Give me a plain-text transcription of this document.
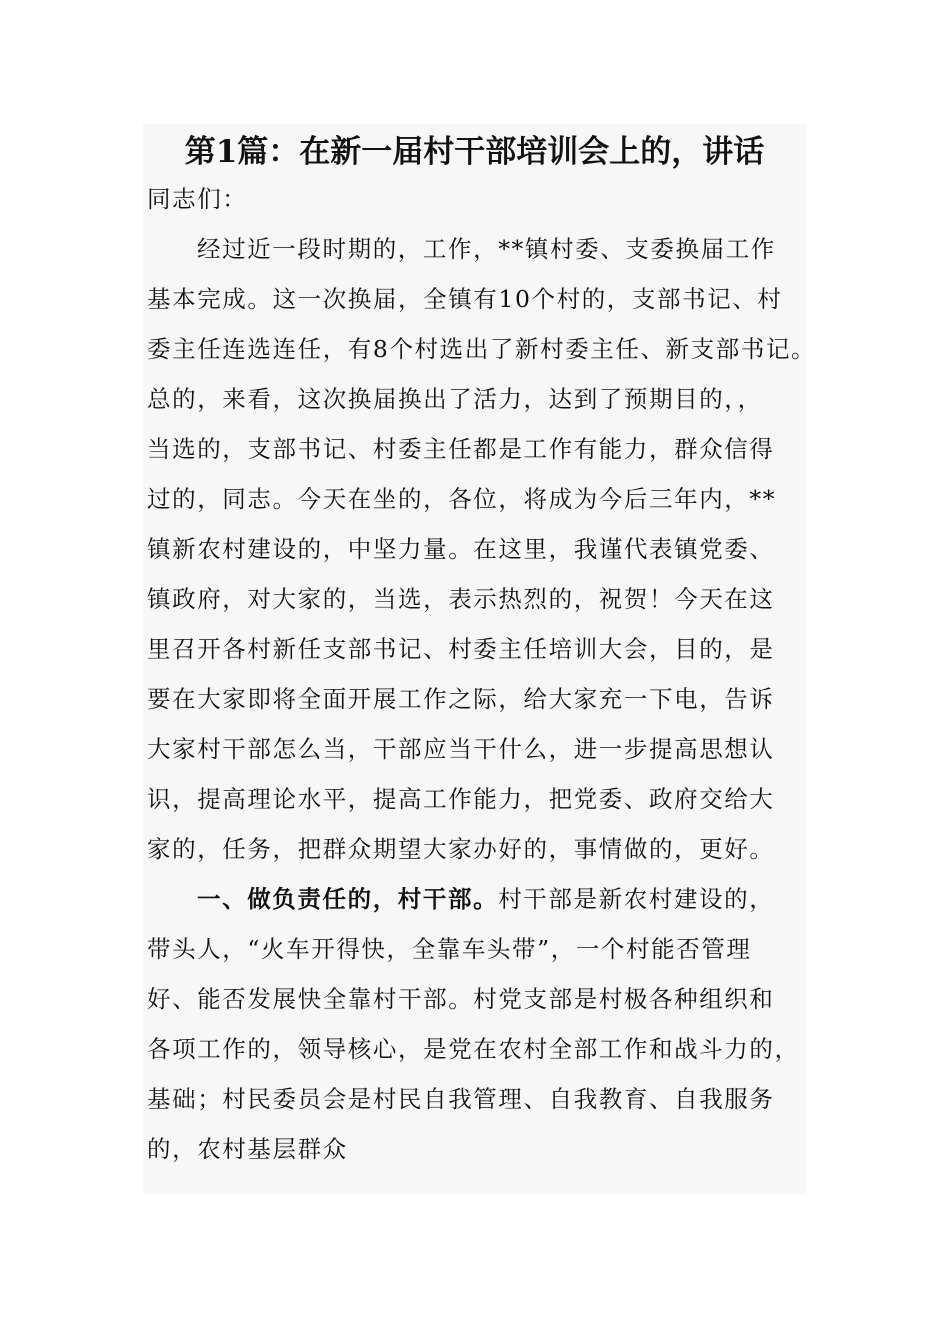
第1篇：在新一届村干部培训会上的，讲话
同志们：
经过近一段时期的，工作，**镇村委、支委换届工作
基本完成。这一次换届，全镇有10个村的，支部书记、村
委主任连选连任，有8个村选出了新村委主任、新支部书记。
总的，来看，这次换届换出了活力，达到了预期目的，，
当选的，支部书记、村委主任都是工作有能力，群众信得
过的，同志。今天在坐的，各位，将成为今后三年内，**
镇新农村建设的，中坚力量。在这里，我谨代表镇党委、
镇政府，对大家的，当选，表示热烈的，祝贺！今天在这
里召开各村新任支部书记、村委主任培训大会，目的，是
要在大家即将全面开展工作之际，给大家充一下电，告诉
大家村干部怎么当，干部应当干什么，进一步提高思想认
识，提高理论水平，提高工作能力，把党委、政府交给大
家的，任务，把群众期望大家办好的，事情做的，更好。
一、做负责任的，村干部。村干部是新农村建设的，
带头人，“火车开得快，全靠车头带”，一个村能否管理
好、能否发展快全靠村干部。村党支部是村极各种组织和
各项工作的，领导核心，是党在农村全部工作和战斗力的，
基础；村民委员会是村民自我管理、自我教育、自我服务
的，农村基层群众
